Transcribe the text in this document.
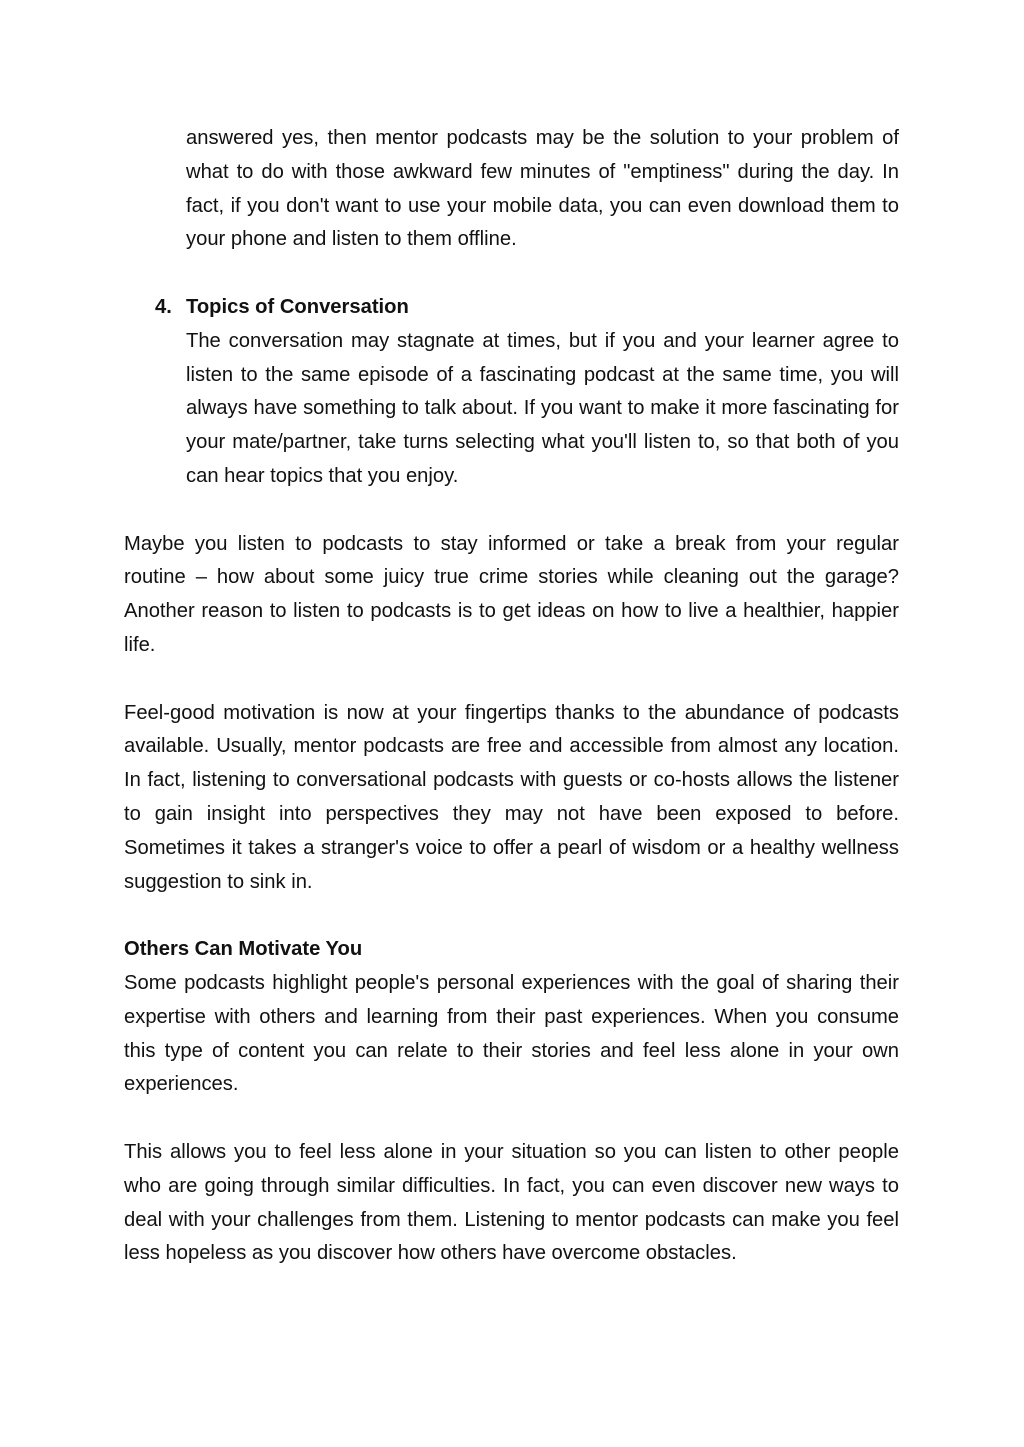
answered yes, then mentor podcasts may be the solution to your problem of what to do with those awkward few minutes of "emptiness" during the day. In fact, if you don't want to use your mobile data, you can even download them to your phone and listen to them offline.

4. Topics of Conversation
The conversation may stagnate at times, but if you and your learner agree to listen to the same episode of a fascinating podcast at the same time, you will always have something to talk about. If you want to make it more fascinating for your mate/partner, take turns selecting what you'll listen to, so that both of you can hear topics that you enjoy.

Maybe you listen to podcasts to stay informed or take a break from your regular routine – how about some juicy true crime stories while cleaning out the garage? Another reason to listen to podcasts is to get ideas on how to live a healthier, happier life.

Feel-good motivation is now at your fingertips thanks to the abundance of podcasts available. Usually, mentor podcasts are free and accessible from almost any location. In fact, listening to conversational podcasts with guests or co-hosts allows the listener to gain insight into perspectives they may not have been exposed to before. Sometimes it takes a stranger's voice to offer a pearl of wisdom or a healthy wellness suggestion to sink in.

Others Can Motivate You

Some podcasts highlight people's personal experiences with the goal of sharing their expertise with others and learning from their past experiences. When you consume this type of content you can relate to their stories and feel less alone in your own experiences.

This allows you to feel less alone in your situation so you can listen to other people who are going through similar difficulties. In fact, you can even discover new ways to deal with your challenges from them. Listening to mentor podcasts can make you feel less hopeless as you discover how others have overcome obstacles.
